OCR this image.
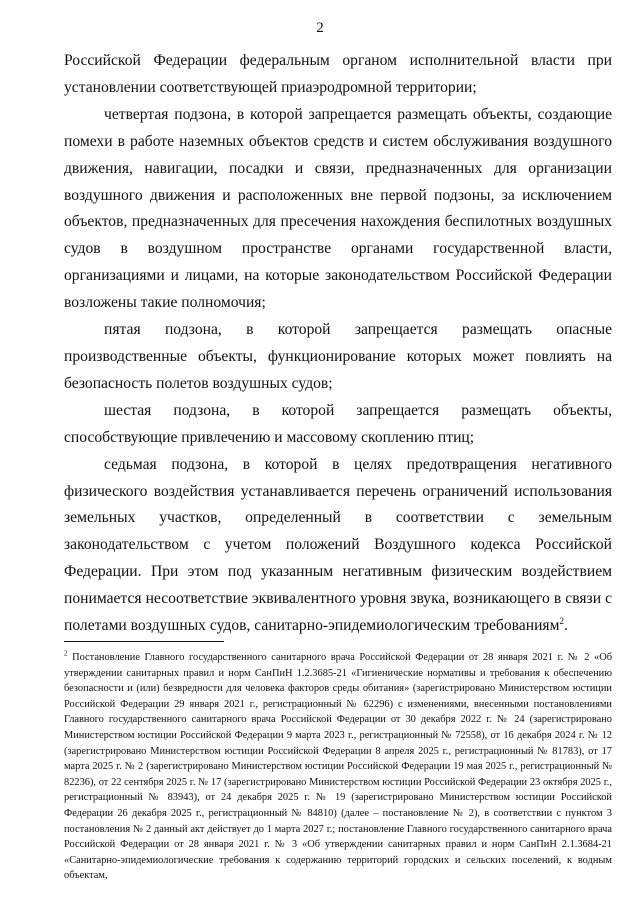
2

Российской Федерации федеральным органом исполнительной власти при установлении соответствующей приаэродромной территории;

четвертая подзона, в которой запрещается размещать объекты, создающие помехи в работе наземных объектов средств и систем обслуживания воздушного движения, навигации, посадки и связи, предназначенных для организации воздушного движения и расположенных вне первой подзоны, за исключением объектов, предназначенных для пресечения нахождения беспилотных воздушных судов в воздушном пространстве органами государственной власти, организациями и лицами, на которые законодательством Российской Федерации возложены такие полномочия;

пятая подзона, в которой запрещается размещать опасные производственные объекты, функционирование которых может повлиять на безопасность полетов воздушных судов;

шестая подзона, в которой запрещается размещать объекты, способствующие привлечению и массовому скоплению птиц;

седьмая подзона, в которой в целях предотвращения негативного физического воздействия устанавливается перечень ограничений использования земельных участков, определенный в соответствии с земельным законодательством с учетом положений Воздушного кодекса Российской Федерации. При этом под указанным негативным физическим воздействием понимается несоответствие эквивалентного уровня звука, возникающего в связи с полетами воздушных судов, санитарно-эпидемиологическим требованиям$^2$.

$^2$ Постановление Главного государственного санитарного врача Российской Федерации от 28 января 2021 г. № 2 «Об утверждении санитарных правил и норм СанПиН 1.2.3685-21 «Гигиенические нормативы и требования к обеспечению безопасности и (или) безвредности для человека факторов среды обитания» (зарегистрировано Министерством юстиции Российской Федерации 29 января 2021 г., регистрационный № 62296) с изменениями, внесенными постановлениями Главного государственного санитарного врача Российской Федерации от 30 декабря 2022 г. № 24 (зарегистрировано Министерством юстиции Российской Федерации 9 марта 2023 г., регистрационный № 72558), от 16 декабря 2024 г. № 12 (зарегистрировано Министерством юстиции Российской Федерации 8 апреля 2025 г., регистрационный № 81783), от 17 марта 2025 г. № 2 (зарегистрировано Министерством юстиции Российской Федерации 19 мая 2025 г., регистрационный № 82236), от 22 сентября 2025 г. № 17 (зарегистрировано Министерством юстиции Российской Федерации 23 октября 2025 г., регистрационный № 83943), от 24 декабря 2025 г. № 19 (зарегистрировано Министерством юстиции Российской Федерации 26 декабря 2025 г., регистрационный № 84810) (далее – постановление № 2), в соответствии с пунктом 3 постановления № 2 данный акт действует до 1 марта 2027 г.; постановление Главного государственного санитарного врача Российской Федерации от 28 января 2021 г. № 3 «Об утверждении санитарных правил и норм СанПиН 2.1.3684-21 «Санитарно-эпидемиологические требования к содержанию территорий городских и сельских поселений, к водным объектам,
